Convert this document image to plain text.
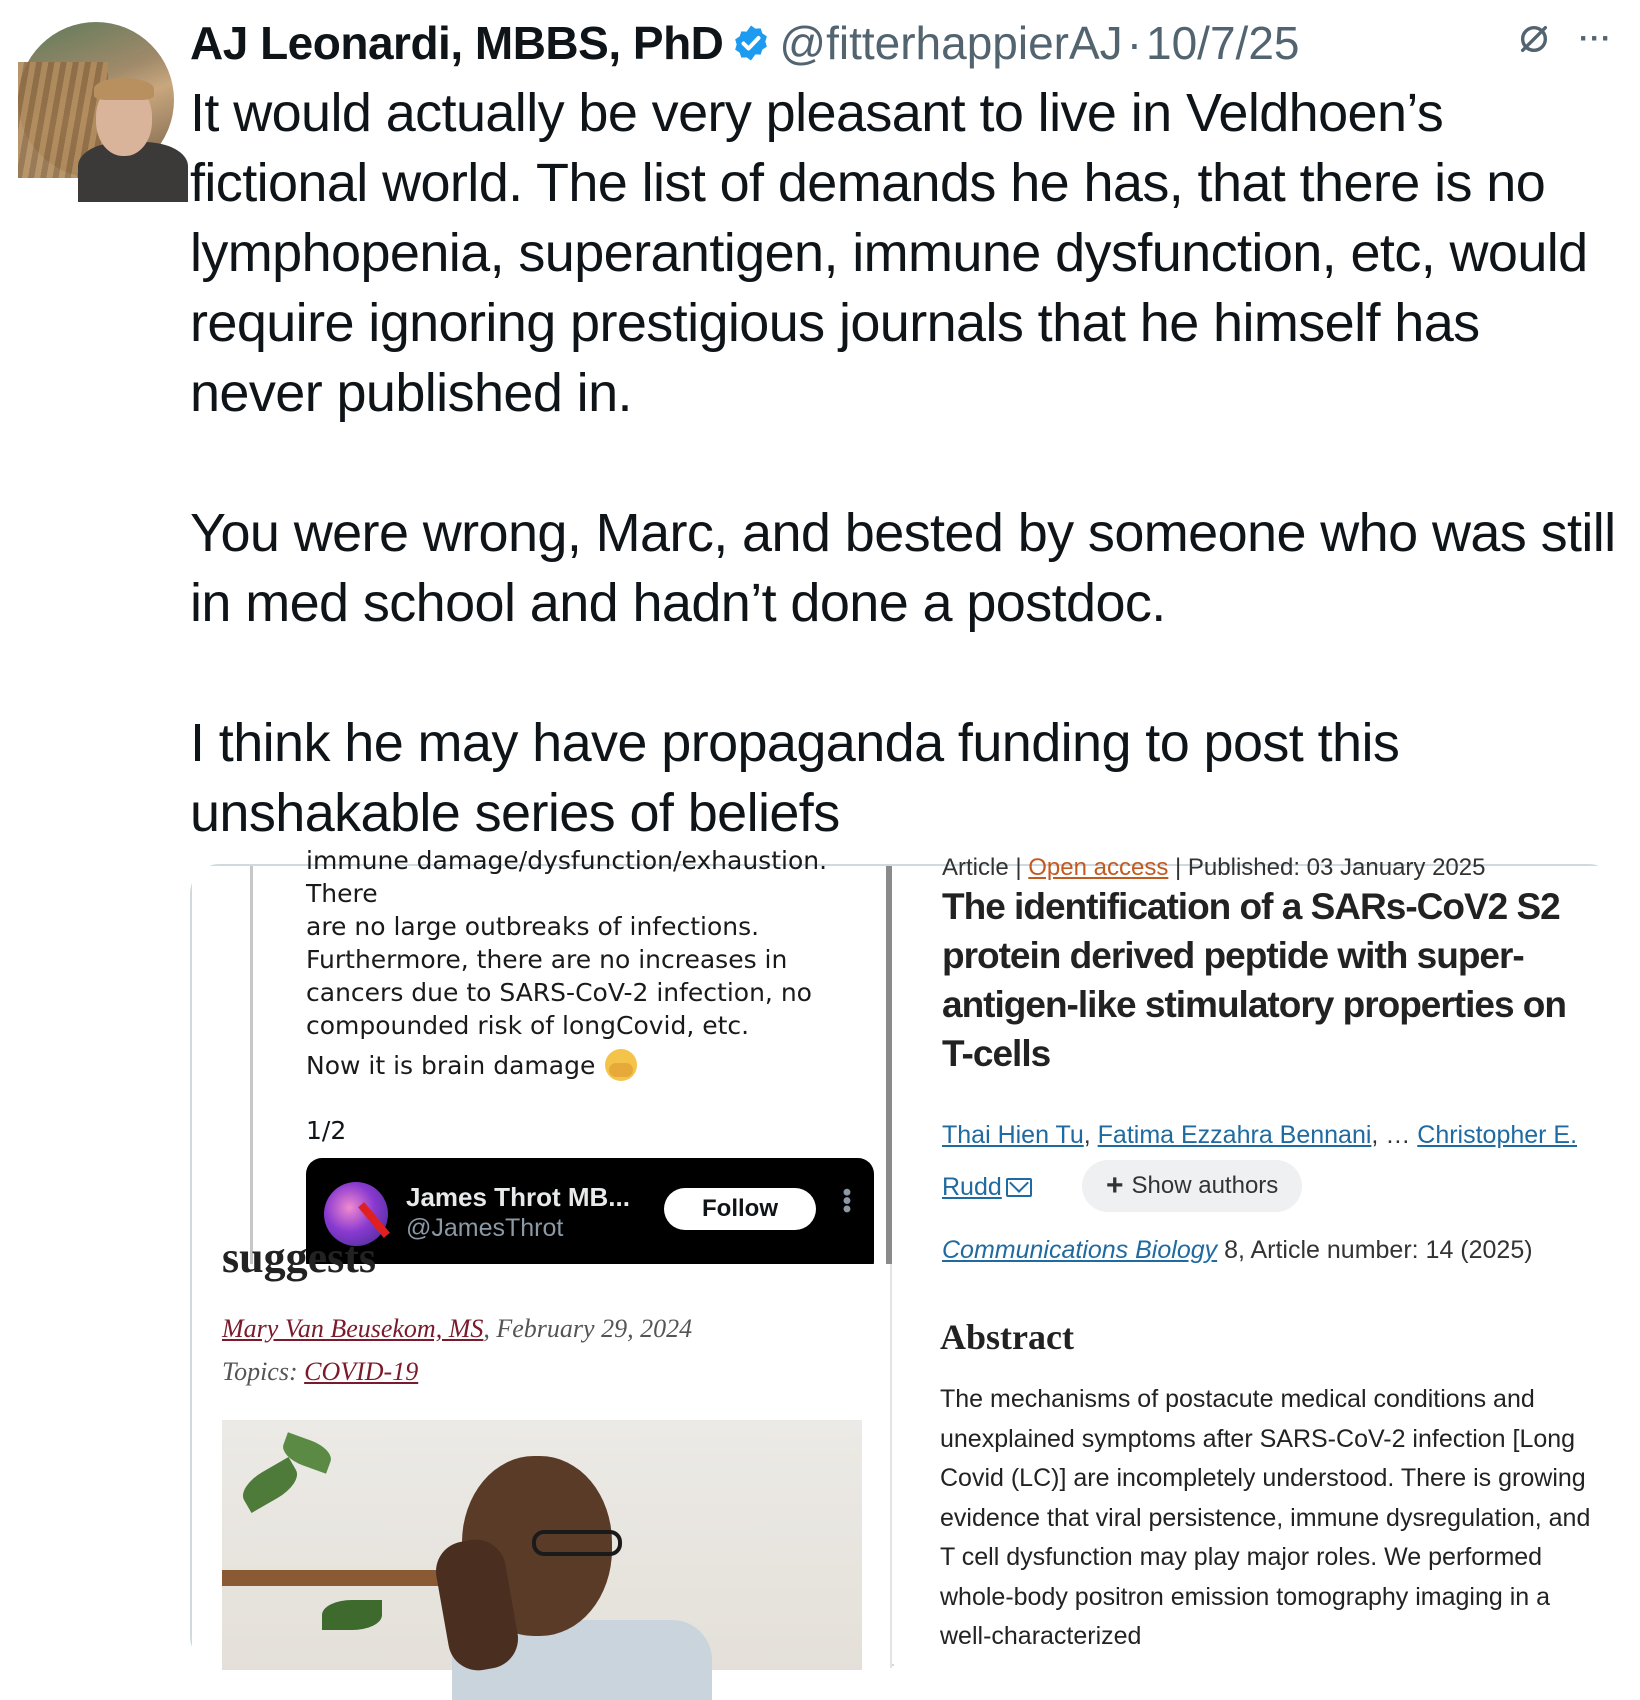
AJ Leonardi, MBBS, PhD @fitterhappierAJ · 10/7/25	···

It would actually be very pleasant to live in Veldhoen’s fictional world. The list of demands he has, that there is no lymphopenia, superantigen, immune dysfunction, etc, would require ignoring prestigious journals that he himself has never published in.

You were wrong, Marc, and bested by someone who was still in med school and hadn’t done a postdoc.

I think he may have propaganda funding to post this unshakable series of beliefs

immune damage/dysfunction/exhaustion. There
are no large outbreaks of infections. Furthermore, there are no increases in cancers due to SARS-CoV-2 infection, no compounded risk of longCovid, etc.
Now it is brain damage
1/2
James Throt MB...
@JamesThrot
Follow	•••
Article | Open access | Published: 03 January 2025
The identification of a SARs-CoV2 S2 protein derived peptide with super-antigen-like stimulatory properties on T-cells
Thai Hien Tu, Fatima Ezzahra Bennani, … Christopher E. Rudd	+ Show authors
Communications Biology 8, Article number: 14 (2025)
suggests
Mary Van Beusekom, MS, February 29, 2024
Topics: COVID-19
Abstract
The mechanisms of postacute medical conditions and unexplained symptoms after SARS-CoV-2 infection [Long Covid (LC)] are incompletely understood. There is growing evidence that viral persistence, immune dysregulation, and T cell dysfunction may play major roles. We performed whole-body positron emission tomography imaging in a well-characterized
